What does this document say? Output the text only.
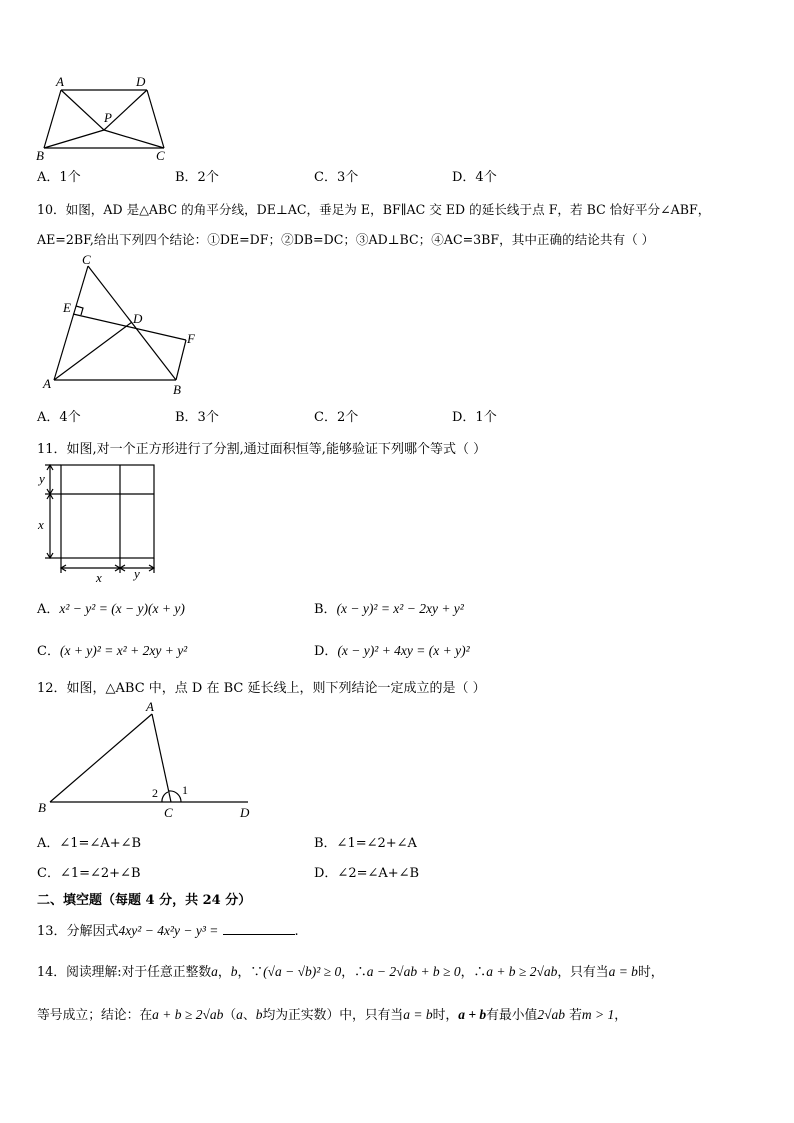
A	D
P
B	C
A．1个	B．2个	C．3个	D．4个
10．如图，AD 是△ABC 的角平分线，DE⊥AC，垂足为 E，BF∥AC 交 ED 的延长线于点 F，若 BC 恰好平分∠ABF，
AE=2BF,给出下列四个结论：①DE=DF；②DB=DC；③AD⊥BC；④AC=3BF，其中正确的结论共有（ ）
C
E
D
F
A	B
A．4个	B．3个	C．2个	D．1个
11．如图,对一个正方形进行了分割,通过面积恒等,能够验证下列哪个等式（ ）
y
x
x y
A．x² − y² = (x − y)(x + y)	B．(x − y)² = x² − 2xy + y²
C．(x + y)² = x² + 2xy + y²	D．(x − y)² + 4xy = (x + y)²
12．如图，△ABC 中，点 D 在 BC 延长线上，则下列结论一定成立的是（ ）
A
B	C	D
2 1
A．∠1=∠A+∠B	B．∠1=∠2+∠A
C．∠1=∠2+∠B	D．∠2=∠A+∠B
二、填空题（每题 4 分，共 24 分）
13．分解因式4xy² − 4x²y − y³ =	.
14．阅读理解:对于任意正整数a，b，∵(√a − √b)² ≥ 0，∴a − 2√ab + b ≥ 0，∴a + b ≥ 2√ab，只有当a = b时，
等号成立；结论：在a + b ≥ 2√ab（a、b均为正实数）中，只有当a = b时，a + b有最小值2√ab 若m > 1，
